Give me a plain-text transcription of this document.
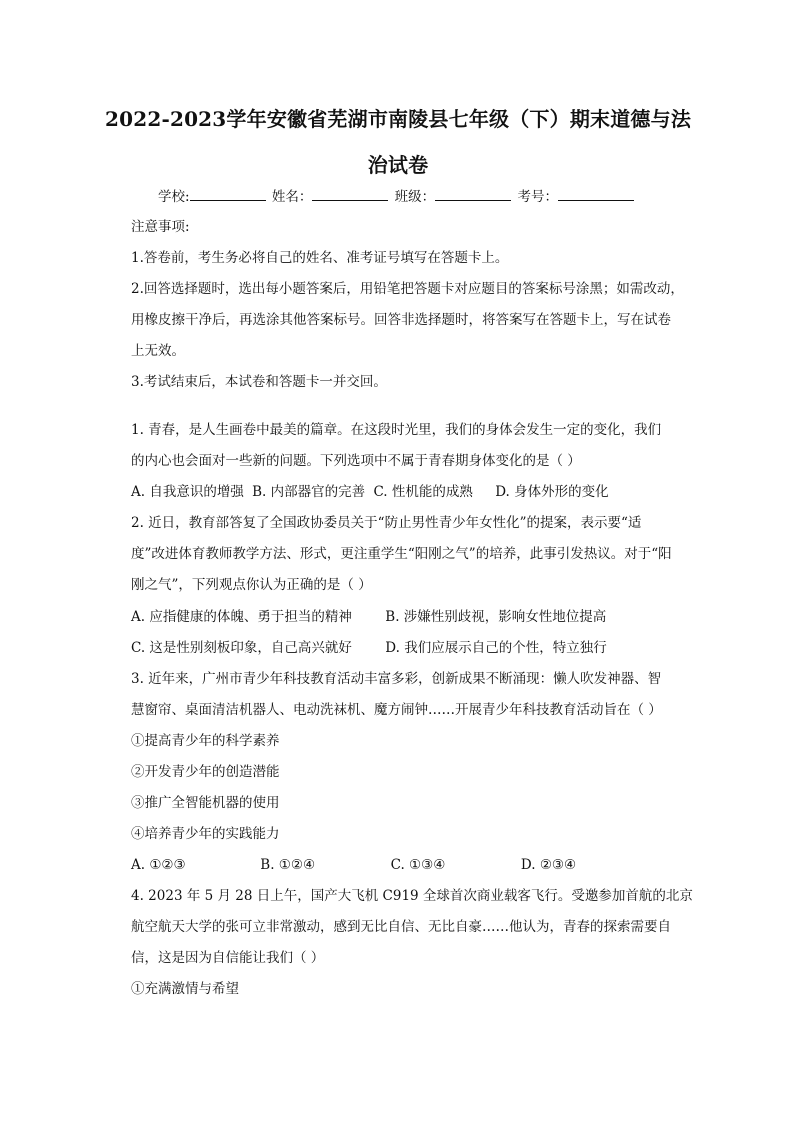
2022-2023学年安徽省芜湖市南陵县七年级（下）期末道德与法
治试卷
学校:	姓名：	班级：	考号：
注意事项:
1.答卷前，考生务必将自己的姓名、准考证号填写在答题卡上。
2.回答选择题时，选出每小题答案后，用铅笔把答题卡对应题目的答案标号涂黑；如需改动，
用橡皮擦干净后，再选涂其他答案标号。回答非选择题时，将答案写在答题卡上，写在试卷
上无效。
3.考试结束后，本试卷和答题卡一并交回。
1. 青春，是人生画卷中最美的篇章。在这段时光里，我们的身体会发生一定的变化，我们
的内心也会面对一些新的问题。下列选项中不属于青春期身体变化的是（ ）
A. 自我意识的增强 B. 内部器官的完善 C. 性机能的成熟 D. 身体外形的变化
2. 近日，教育部答复了全国政协委员关于“防止男性青少年女性化”的提案，表示要“适
度”改进体育教师教学方法、形式，更注重学生“阳刚之气”的培养，此事引发热议。对于“阳
刚之气”，下列观点你认为正确的是（ ）
A. 应指健康的体魄、勇于担当的精神 B. 涉嫌性别歧视，影响女性地位提高
C. 这是性别刻板印象，自己高兴就好 D. 我们应展示自己的个性，特立独行
3. 近年来，广州市青少年科技教育活动丰富多彩，创新成果不断涌现：懒人吹发神器、智
慧窗帘、桌面清洁机器人、电动洗袜机、魔方闹钟……开展青少年科技教育活动旨在（ ）
①提高青少年的科学素养
②开发青少年的创造潜能
③推广全智能机器的使用
④培养青少年的实践能力
A. ①②③	B. ①②④	C. ①③④	D. ②③④
4. 2023 年 5 月 28 日上午，国产大飞机 C919 全球首次商业载客飞行。受邀参加首航的北京
航空航天大学的张可立非常激动，感到无比自信、无比自豪……他认为，青春的探索需要自
信，这是因为自信能让我们（ ）
①充满激情与希望
